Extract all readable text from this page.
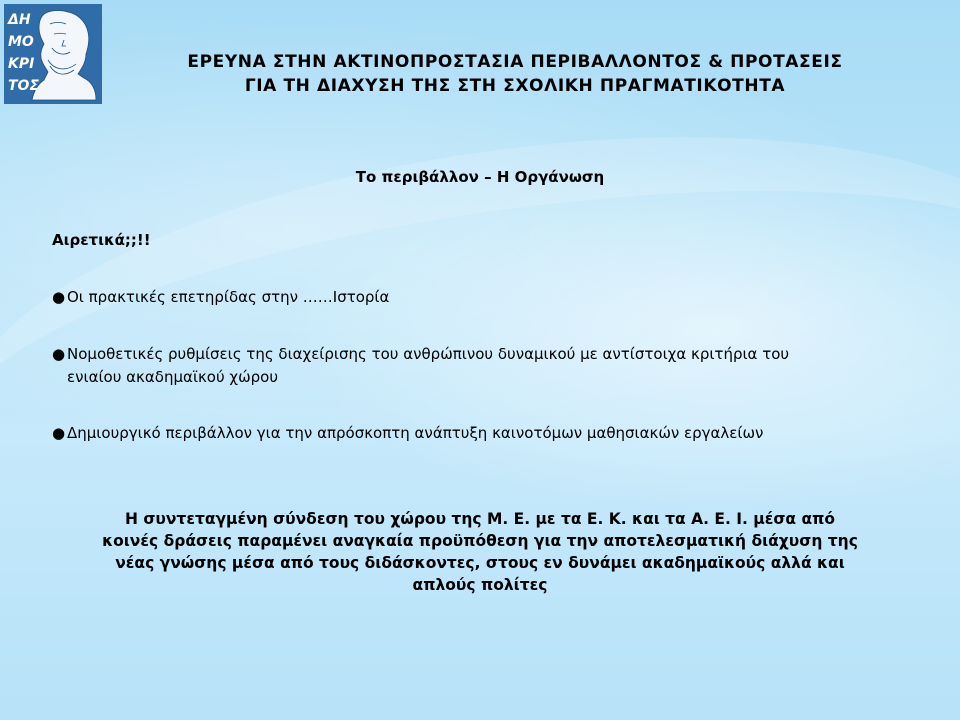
ΔΗ
ΜΟ
ΚΡΙ
ΤΟΣ
ΕΡΕΥΝΑ ΣΤΗΝ ΑΚΤΙΝΟΠΡΟΣΤΑΣΙΑ ΠΕΡΙΒΑΛΛΟΝΤΟΣ & ΠΡΟΤΑΣΕΙΣ
ΓΙΑ ΤΗ ΔΙΑΧΥΣΗ ΤΗΣ ΣΤΗ ΣΧΟΛΙΚΗ ΠΡΑΓΜΑΤΙΚΟΤΗΤΑ
Το περιβάλλον – Η Οργάνωση
Αιρετικά;;!!
● Οι πρακτικές επετηρίδας στην ……Ιστορία
● Νομοθετικές ρυθμίσεις της διαχείρισης του ανθρώπινου δυναμικού με αντίστοιχα κριτήρια του
ενιαίου ακαδημαϊκού χώρου
● Δημιουργικό περιβάλλον για την απρόσκοπτη ανάπτυξη καινοτόμων μαθησιακών εργαλείων
Η συντεταγμένη σύνδεση του χώρου της Μ. Ε. με τα Ε. Κ. και τα Α. Ε. Ι. μέσα από
κοινές δράσεις παραμένει αναγκαία προϋπόθεση για την αποτελεσματική διάχυση της
νέας γνώσης μέσα από τους διδάσκοντες, στους εν δυνάμει ακαδημαϊκούς αλλά και
απλούς πολίτες
